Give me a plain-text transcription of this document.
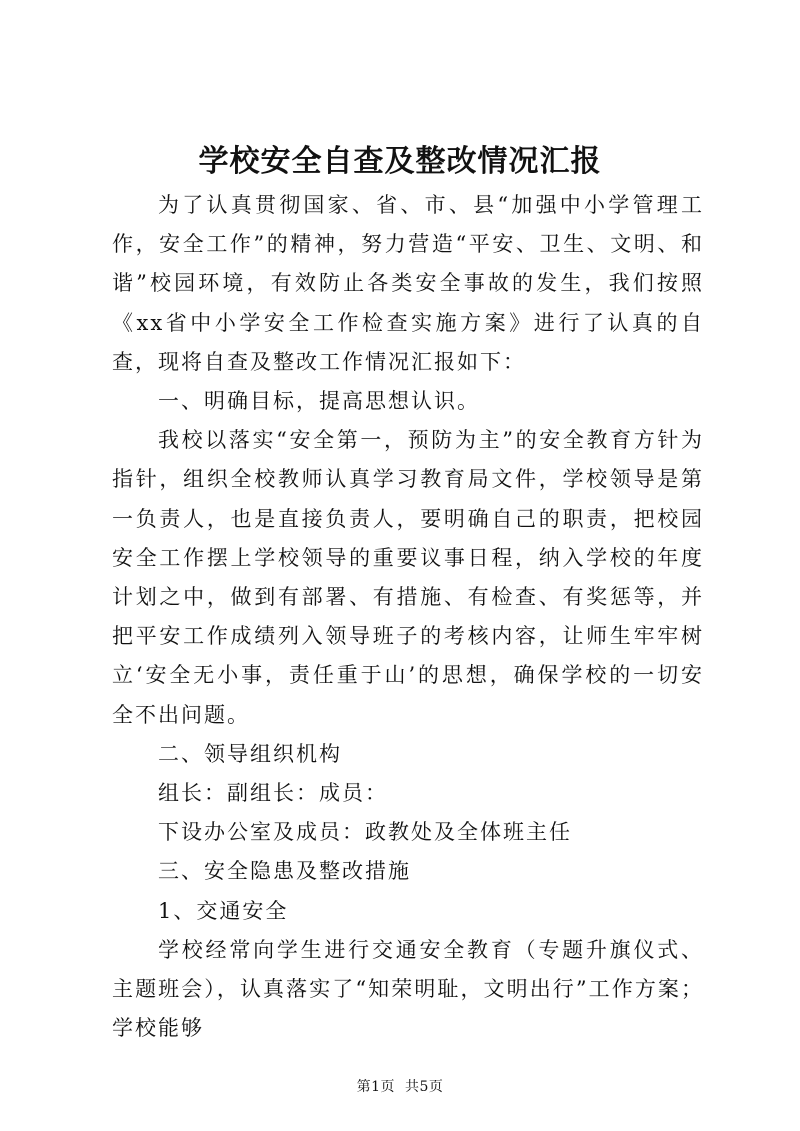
学校安全自查及整改情况汇报

为了认真贯彻国家、省、市、县“加强中小学管理工作，安全工作”的精神，努力营造“平安、卫生、文明、和谐”校园环境，有效防止各类安全事故的发生，我们按照《xx省中小学安全工作检查实施方案》进行了认真的自查，现将自查及整改工作情况汇报如下：

一、明确目标，提高思想认识。

我校以落实“安全第一，预防为主”的安全教育方针为指针，组织全校教师认真学习教育局文件，学校领导是第一负责人，也是直接负责人，要明确自己的职责，把校园安全工作摆上学校领导的重要议事日程，纳入学校的年度计划之中，做到有部署、有措施、有检查、有奖惩等，并把平安工作成绩列入领导班子的考核内容，让师生牢牢树立‘安全无小事，责任重于山’的思想，确保学校的一切安全不出问题。

二、领导组织机构

组长：副组长：成员：

下设办公室及成员：政教处及全体班主任

三、安全隐患及整改措施

1、交通安全

学校经常向学生进行交通安全教育（专题升旗仪式、主题班会），认真落实了“知荣明耻，文明出行”工作方案；学校能够

第1页 共5页
